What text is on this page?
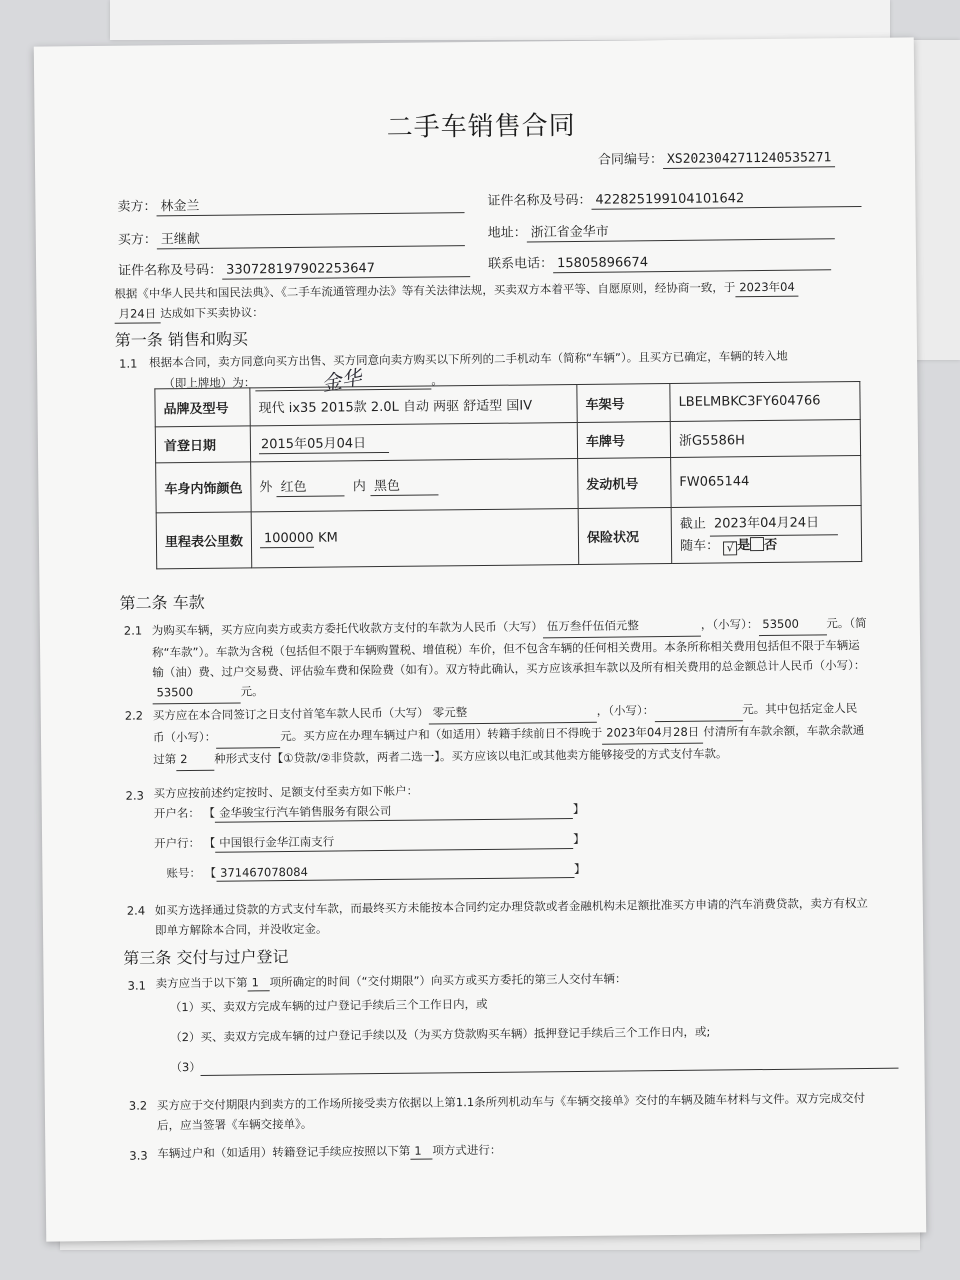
二手车销售合同
合同编号： XS2023042711240535271
卖方： 林金兰	证件名称及号码： 422825199104101642
买方： 王继献	地址： 浙江省金华市
证件名称及号码： 330728197902253647	联系电话： 15805896674
根据《中华人民共和国民法典》、《二手车流通管理办法》等有关法律法规，买卖双方本着平等、自愿原则，经协商一致，于 2023年04
月24日 达成如下买卖协议：
第一条 销售和购买
1.1 根据本合同，卖方同意向买方出售、买方同意向卖方购买以下所列的二手机动车（简称“车辆”）。且买方已确定，车辆的转入地
（即上牌地）为：	金华	。
品牌及型号	现代 ix35 2015款 2.0L 自动 两驱 舒适型 国IV	车架号	LBELMBKC3FY604766
首登日期	2015年05月04日	车牌号	浙G5586H
车身内饰颜色	外 红色 内 黑色	发动机号	FW065144
里程表公里数	100000 KM	保险状况	截止 2023年04月24日
随车： √ 是 否
第二条 车款
2.1 为购买车辆，买方应向卖方或卖方委托代收款方支付的车款为人民币（大写） 伍万叁仟伍佰元整	，（小写）： 53500 元。（简称“车款”）。车款为含税（包括但不限于车辆购置税、增值税）车价，但不包含车辆的任何相关费用。本条所称相关费用包括但不限于车辆运输（油）费、过户交易费、评估验车费和保险费（如有）。双方特此确认，买方应该承担车款以及所有相关费用的总金额总计人民币（小写）：53500	元。
2.2 买方应在本合同签订之日支付首笔车款人民币（大写） 零元整	，（小写）：	元。其中包括定金人民币（小写）：	元。买方应在办理车辆过户和（如适用）转籍手续前日不得晚于 2023年04月28日 付清所有车款余额，车款余款通过第 2 种形式支付【①贷款/②非贷款，两者二选一】。买方应该以电汇或其他卖方能够接受的方式支付车款。
2.3 买方应按前述约定按时、足额支付至卖方如下帐户：
开户名： 【 金华骏宝行汽车销售服务有限公司	】
开户行： 【 中国银行金华江南支行	】
账号： 【 371467078084	】
2.4 如买方选择通过贷款的方式支付车款，而最终买方未能按本合同约定办理贷款或者金融机构未足额批准买方申请的汽车消费贷款，卖方有权立即单方解除本合同，并没收定金。
第三条 交付与过户登记
3.1 卖方应当于以下第 1 项所确定的时间（“交付期限”）向买方或买方委托的第三人交付车辆：
（1）买、卖双方完成车辆的过户登记手续后三个工作日内，或
（2）买、卖双方完成车辆的过户登记手续以及（为买方贷款购买车辆）抵押登记手续后三个工作日内，或;
（3）
3.2 买方应于交付期限内到卖方的工作场所接受卖方依据以上第1.1条所列机动车与《车辆交接单》交付的车辆及随车材料与文件。双方完成交付后，应当签署《车辆交接单》。
3.3 车辆过户和（如适用）转籍登记手续应按照以下第 1 项方式进行：
